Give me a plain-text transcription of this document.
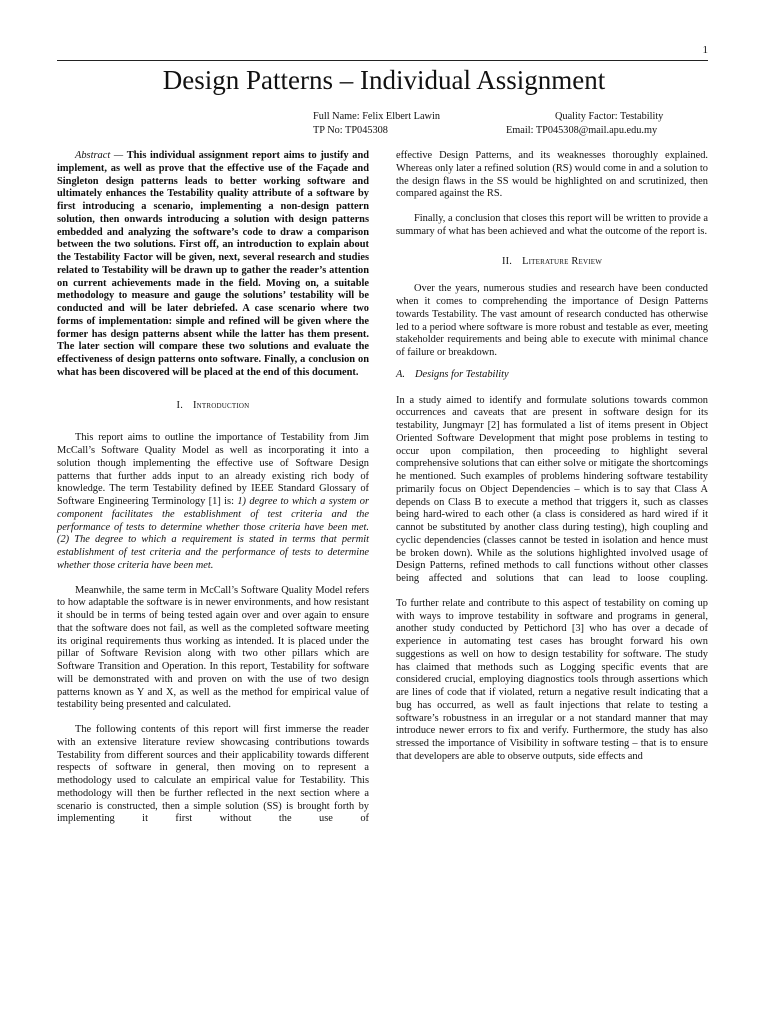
1
Design Patterns – Individual Assignment
Full Name: Felix Elbert Lawin
TP No: TP045308
Quality Factor: Testability
Email: TP045308@mail.apu.edu.my

Abstract — This individual assignment report aims to justify and implement, as well as prove that the effective use of the Façade and Singleton design patterns leads to better working software and ultimately enhances the Testability quality attribute of a software by first introducing a scenario, implementing a non-design pattern solution, then onwards introducing a solution with design patterns embedded and analyzing the software’s code to draw a comparison between the two solutions. First off, an introduction to explain about the Testability Factor will be given, next, several research and studies related to Testability will be drawn up to gather the reader’s attention on current achievements made in the field. Moving on, a suitable methodology to measure and gauge the solutions’ testability will be conducted and will be later debriefed. A case scenario where two forms of implementation: simple and refined will be given where the former has design patterns absent while the latter has them present. The later section will compare these two solutions and evaluate the effectiveness of design patterns onto software. Finally, a conclusion on what has been discovered will be placed at the end of this document.

I. Introduction

This report aims to outline the importance of Testability from Jim McCall’s Software Quality Model as well as incorporating it into a solution though implementing the effective use of Software Design patterns that further adds input to an already existing rich body of knowledge. The term Testability defined by IEEE Standard Glossary of Software Engineering Terminology [1] is: 1) degree to which a system or component facilitates the establishment of test criteria and the performance of tests to determine whether those criteria have been met. (2) The degree to which a requirement is stated in terms that permit establishment of test criteria and the performance of tests to determine whether those criteria have been met.

Meanwhile, the same term in McCall’s Software Quality Model refers to how adaptable the software is in newer environments, and how resistant it should be in terms of being tested again over and over again to ensure that the software does not fail, as well as the completed software meeting its original requirements thus working as intended. It is placed under the pillar of Software Revision along with two other pillars which are Software Transition and Operation. In this report, Testability for software will be demonstrated with and proven on with the use of two design patterns known as Y and X, as well as the method for empirical value of testability being presented and calculated.

The following contents of this report will first immerse the reader with an extensive literature review showcasing contributions towards Testability from different sources and their applicability towards different respects of software in general, then moving on to represent a methodology used to calculate an empirical value for Testability. This methodology will then be further reflected in the next section where a scenario is constructed, then a simple solution (SS) is brought forth by implementing it first without the use of

effective Design Patterns, and its weaknesses thoroughly explained. Whereas only later a refined solution (RS) would come in and a solution to the design flaws in the SS would be highlighted on and scrutinized, then compared against the RS.

Finally, a conclusion that closes this report will be written to provide a summary of what has been achieved and what the outcome of the report is.

II. Literature Review

Over the years, numerous studies and research have been conducted when it comes to comprehending the importance of Design Patterns towards Testability. The vast amount of research conducted has otherwise led to a period where software is more robust and testable as ever, meeting stakeholder requirements and being able to execute with minimal chance of failure or breakdown.

A. Designs for Testability

In a study aimed to identify and formulate solutions towards common occurrences and caveats that are present in software design for its testability, Jungmayr [2] has formulated a list of items present in Object Oriented Software Development that might pose problems in testing to occur upon compilation, then proceeding to highlight several comprehensive solutions that can either solve or mitigate the shortcomings he mentioned. Such examples of problems hindering software testability primarily focus on Object Dependencies – which is to say that Class A depends on Class B to execute a method that triggers it, such as classes being hard-wired to each other (a class is considered as hard wired if it cannot be substituted by another class during testing), high coupling and cyclic dependencies (classes cannot be tested in isolation and hence must be broken down). While as the solutions highlighted involved usage of Design Patterns, refined methods to call functions without other classes being affected and solutions that can lead to loose coupling.

To further relate and contribute to this aspect of testability on coming up with ways to improve testability in software and programs in general, another study conducted by Pettichord [3] who has over a decade of experience in automating test cases has brought forward his own suggestions as well on how to design testability for software. The study has claimed that methods such as Logging specific events that are considered crucial, employing diagnostics tools through assertions which are lines of code that if violated, return a negative result indicating that a bug has occurred, as well as fault injections that relate to testing a software’s robustness in an irregular or a not standard manner that may introduce newer errors to fix and verify. Furthermore, the study has also stressed the importance of Visibility in software testing – that is to ensure that developers are able to observe outputs, side effects and
